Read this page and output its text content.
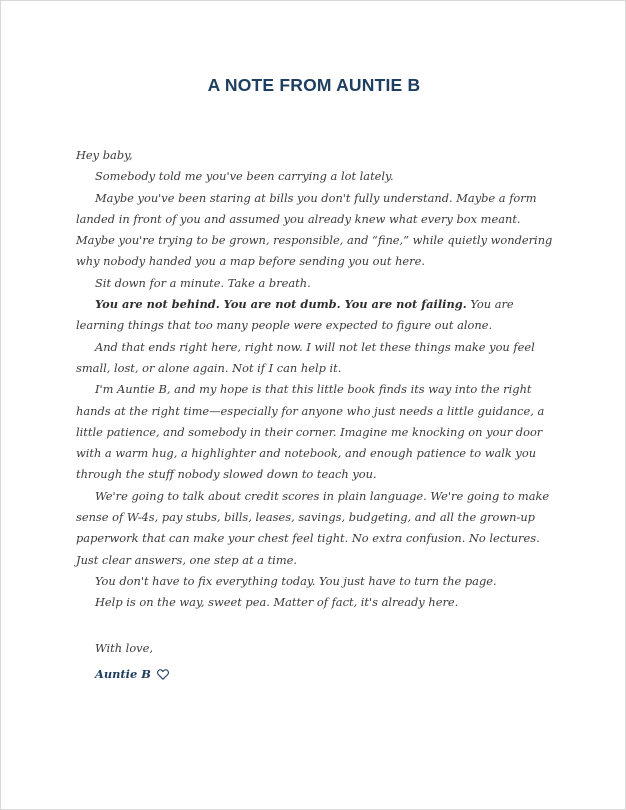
A NOTE FROM AUNTIE B

Hey baby,

Somebody told me you've been carrying a lot lately.

Maybe you've been staring at bills you don't fully understand. Maybe a form landed in front of you and assumed you already knew what every box meant. Maybe you're trying to be grown, responsible, and “fine,” while quietly wondering why nobody handed you a map before sending you out here.

Sit down for a minute. Take a breath.

You are not behind. You are not dumb. You are not failing. You are learning things that too many people were expected to figure out alone.

And that ends right here, right now. I will not let these things make you feel small, lost, or alone again. Not if I can help it.

I'm Auntie B, and my hope is that this little book finds its way into the right hands at the right time—especially for anyone who just needs a little guidance, a little patience, and somebody in their corner. Imagine me knocking on your door with a warm hug, a highlighter and notebook, and enough patience to walk you through the stuff nobody slowed down to teach you.

We're going to talk about credit scores in plain language. We're going to make sense of W-4s, pay stubs, bills, leases, savings, budgeting, and all the grown-up paperwork that can make your chest feel tight. No extra confusion. No lectures. Just clear answers, one step at a time.

You don't have to fix everything today. You just have to turn the page.

Help is on the way, sweet pea. Matter of fact, it's already here.

With love,
Auntie B
